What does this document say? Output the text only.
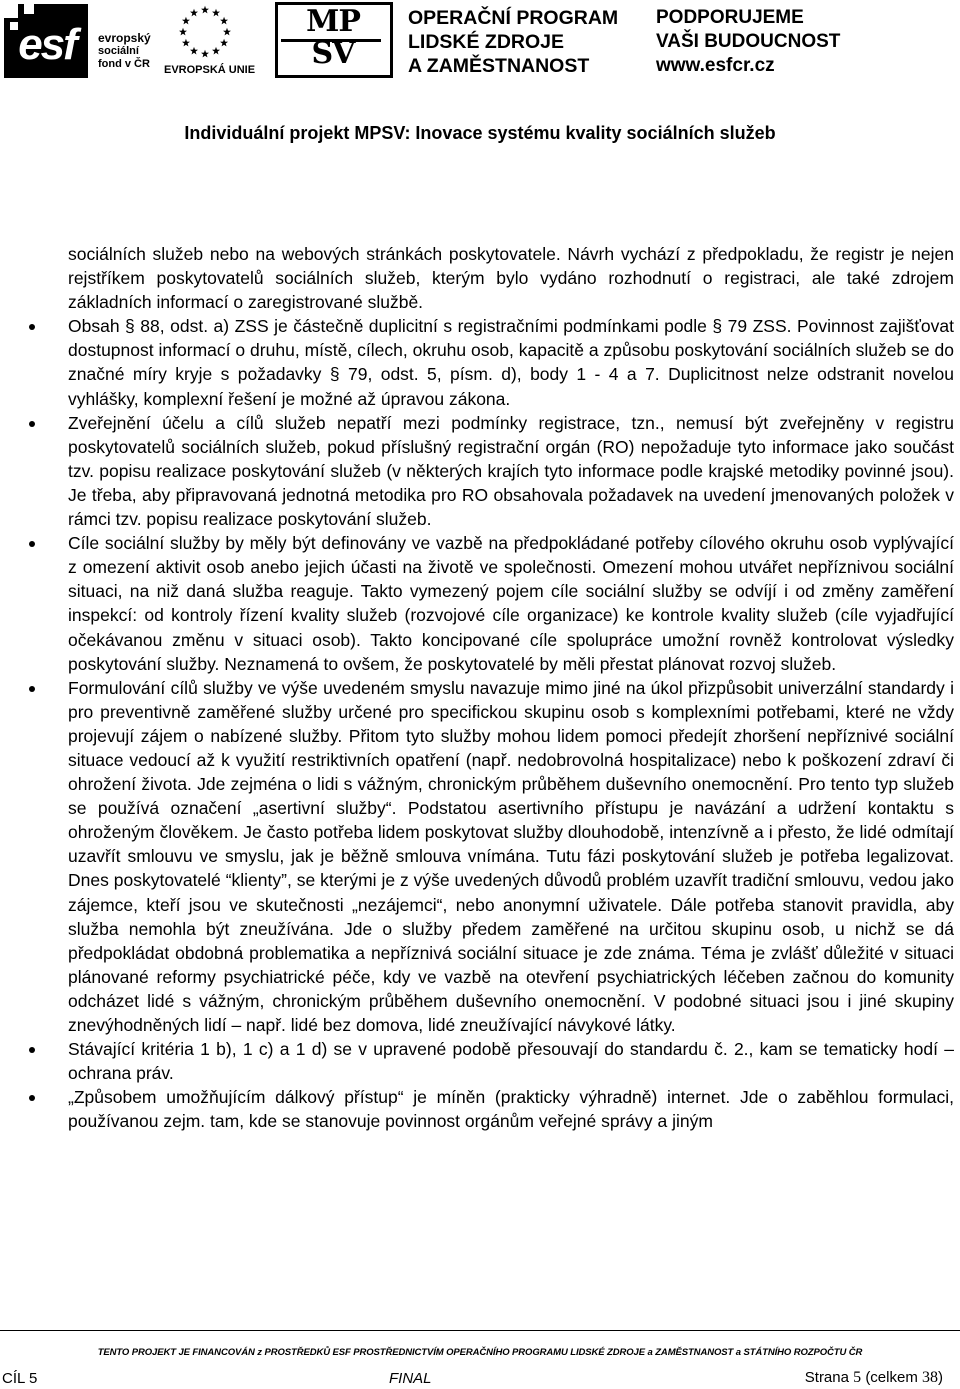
esf	evropský
sociální
fond v ČR EVROPSKÁ UNIE
MP
SV
OPERAČNÍ PROGRAM
LIDSKÉ ZDROJE
A ZAMĚSTNANOST
PODPORUJEME
VAŠI BUDOUCNOST
www.esfcr.cz
Individuální projekt MPSV: Inovace systému kvality sociálních služeb

sociálních služeb nebo na webových stránkách poskytovatele. Návrh vychází z předpokladu, že registr je nejen rejstříkem poskytovatelů sociálních služeb, kterým bylo vydáno rozhodnutí o registraci, ale také zdrojem základních informací o zaregistrované službě.

Obsah § 88, odst. a) ZSS je částečně duplicitní s registračními podmínkami podle § 79 ZSS. Povinnost zajišťovat dostupnost informací o druhu, místě, cílech, okruhu osob, kapacitě a způsobu poskytování sociálních služeb se do značné míry kryje s požadavky § 79, odst. 5, písm. d), body 1 - 4 a 7. Duplicitnost nelze odstranit novelou vyhlášky, komplexní řešení je možné až úpravou zákona.
Zveřejnění účelu a cílů služeb nepatří mezi podmínky registrace, tzn., nemusí být zveřejněny v registru poskytovatelů sociálních služeb, pokud příslušný registrační orgán (RO) nepožaduje tyto informace jako součást tzv. popisu realizace poskytování služeb (v některých krajích tyto informace podle krajské metodiky povinné jsou). Je třeba, aby připravovaná jednotná metodika pro RO obsahovala požadavek na uvedení jmenovaných položek v rámci tzv. popisu realizace poskytování služeb.
Cíle sociální služby by měly být definovány ve vazbě na předpokládané potřeby cílového okruhu osob vyplývající z omezení aktivit osob anebo jejich účasti na životě ve společnosti. Omezení mohou utvářet nepříznivou sociální situaci, na niž daná služba reaguje. Takto vymezený pojem cíle sociální služby se odvíjí i od změny zaměření inspekcí: od kontroly řízení kvality služeb (rozvojové cíle organizace) ke kontrole kvality služeb (cíle vyjadřující očekávanou změnu v situaci osob). Takto koncipované cíle spolupráce umožní rovněž kontrolovat výsledky poskytování služby. Neznamená to ovšem, že poskytovatelé by měli přestat plánovat rozvoj služeb.
Formulování cílů služby ve výše uvedeném smyslu navazuje mimo jiné na úkol přizpůsobit univerzální standardy i pro preventivně zaměřené služby určené pro specifickou skupinu osob s komplexními potřebami, které ne vždy projevují zájem o nabízené služby. Přitom tyto služby mohou lidem pomoci předejít zhoršení nepříznivé sociální situace vedoucí až k využití restriktivních opatření (např. nedobrovolná hospitalizace) nebo k poškození zdraví či ohrožení života. Jde zejména o lidi s vážným, chronickým průběhem duševního onemocnění. Pro tento typ služeb se používá označení „asertivní služby“. Podstatou asertivního přístupu je navázání a udržení kontaktu s ohroženým člověkem. Je často potřeba lidem poskytovat služby dlouhodobě, intenzívně a i přesto, že lidé odmítají uzavřít smlouvu ve smyslu, jak je běžně smlouva vnímána. Tutu fázi poskytování služeb je potřeba legalizovat. Dnes poskytovatelé “klienty”, se kterými je z výše uvedených důvodů problém uzavřít tradiční smlouvu, vedou jako zájemce, kteří jsou ve skutečnosti „nezájemci“, nebo anonymní uživatele. Dále potřeba stanovit pravidla, aby služba nemohla být zneužívána. Jde o služby předem zaměřené na určitou skupinu osob, u nichž se dá předpokládat obdobná problematika a nepříznivá sociální situace je zde známa. Téma je zvlášť důležité v situaci plánované reformy psychiatrické péče, kdy ve vazbě na otevření psychiatrických léčeben začnou do komunity odcházet lidé s vážným, chronickým průběhem duševního onemocnění. V podobné situaci jsou i jiné skupiny znevýhodněných lidí – např. lidé bez domova, lidé zneužívající návykové látky.
Stávající kritéria 1 b), 1 c) a 1 d) se v upravené podobě přesouvají do standardu č. 2., kam se tematicky hodí – ochrana práv.
„Způsobem umožňujícím dálkový přístup“ je míněn (prakticky výhradně) internet. Jde o zaběhlou formulaci, používanou zejm. tam, kde se stanovuje povinnost orgánům veřejné správy a jiným
TENTO PROJEKT JE FINANCOVÁN z PROSTŘEDKŮ ESF PROSTŘEDNICTVÍM OPERAČNÍHO PROGRAMU LIDSKÉ ZDROJE a ZAMĚSTNANOST a STÁTNÍHO ROZPOČTU ČR
CÍL 5	FINAL	Strana 5 (celkem 38)
